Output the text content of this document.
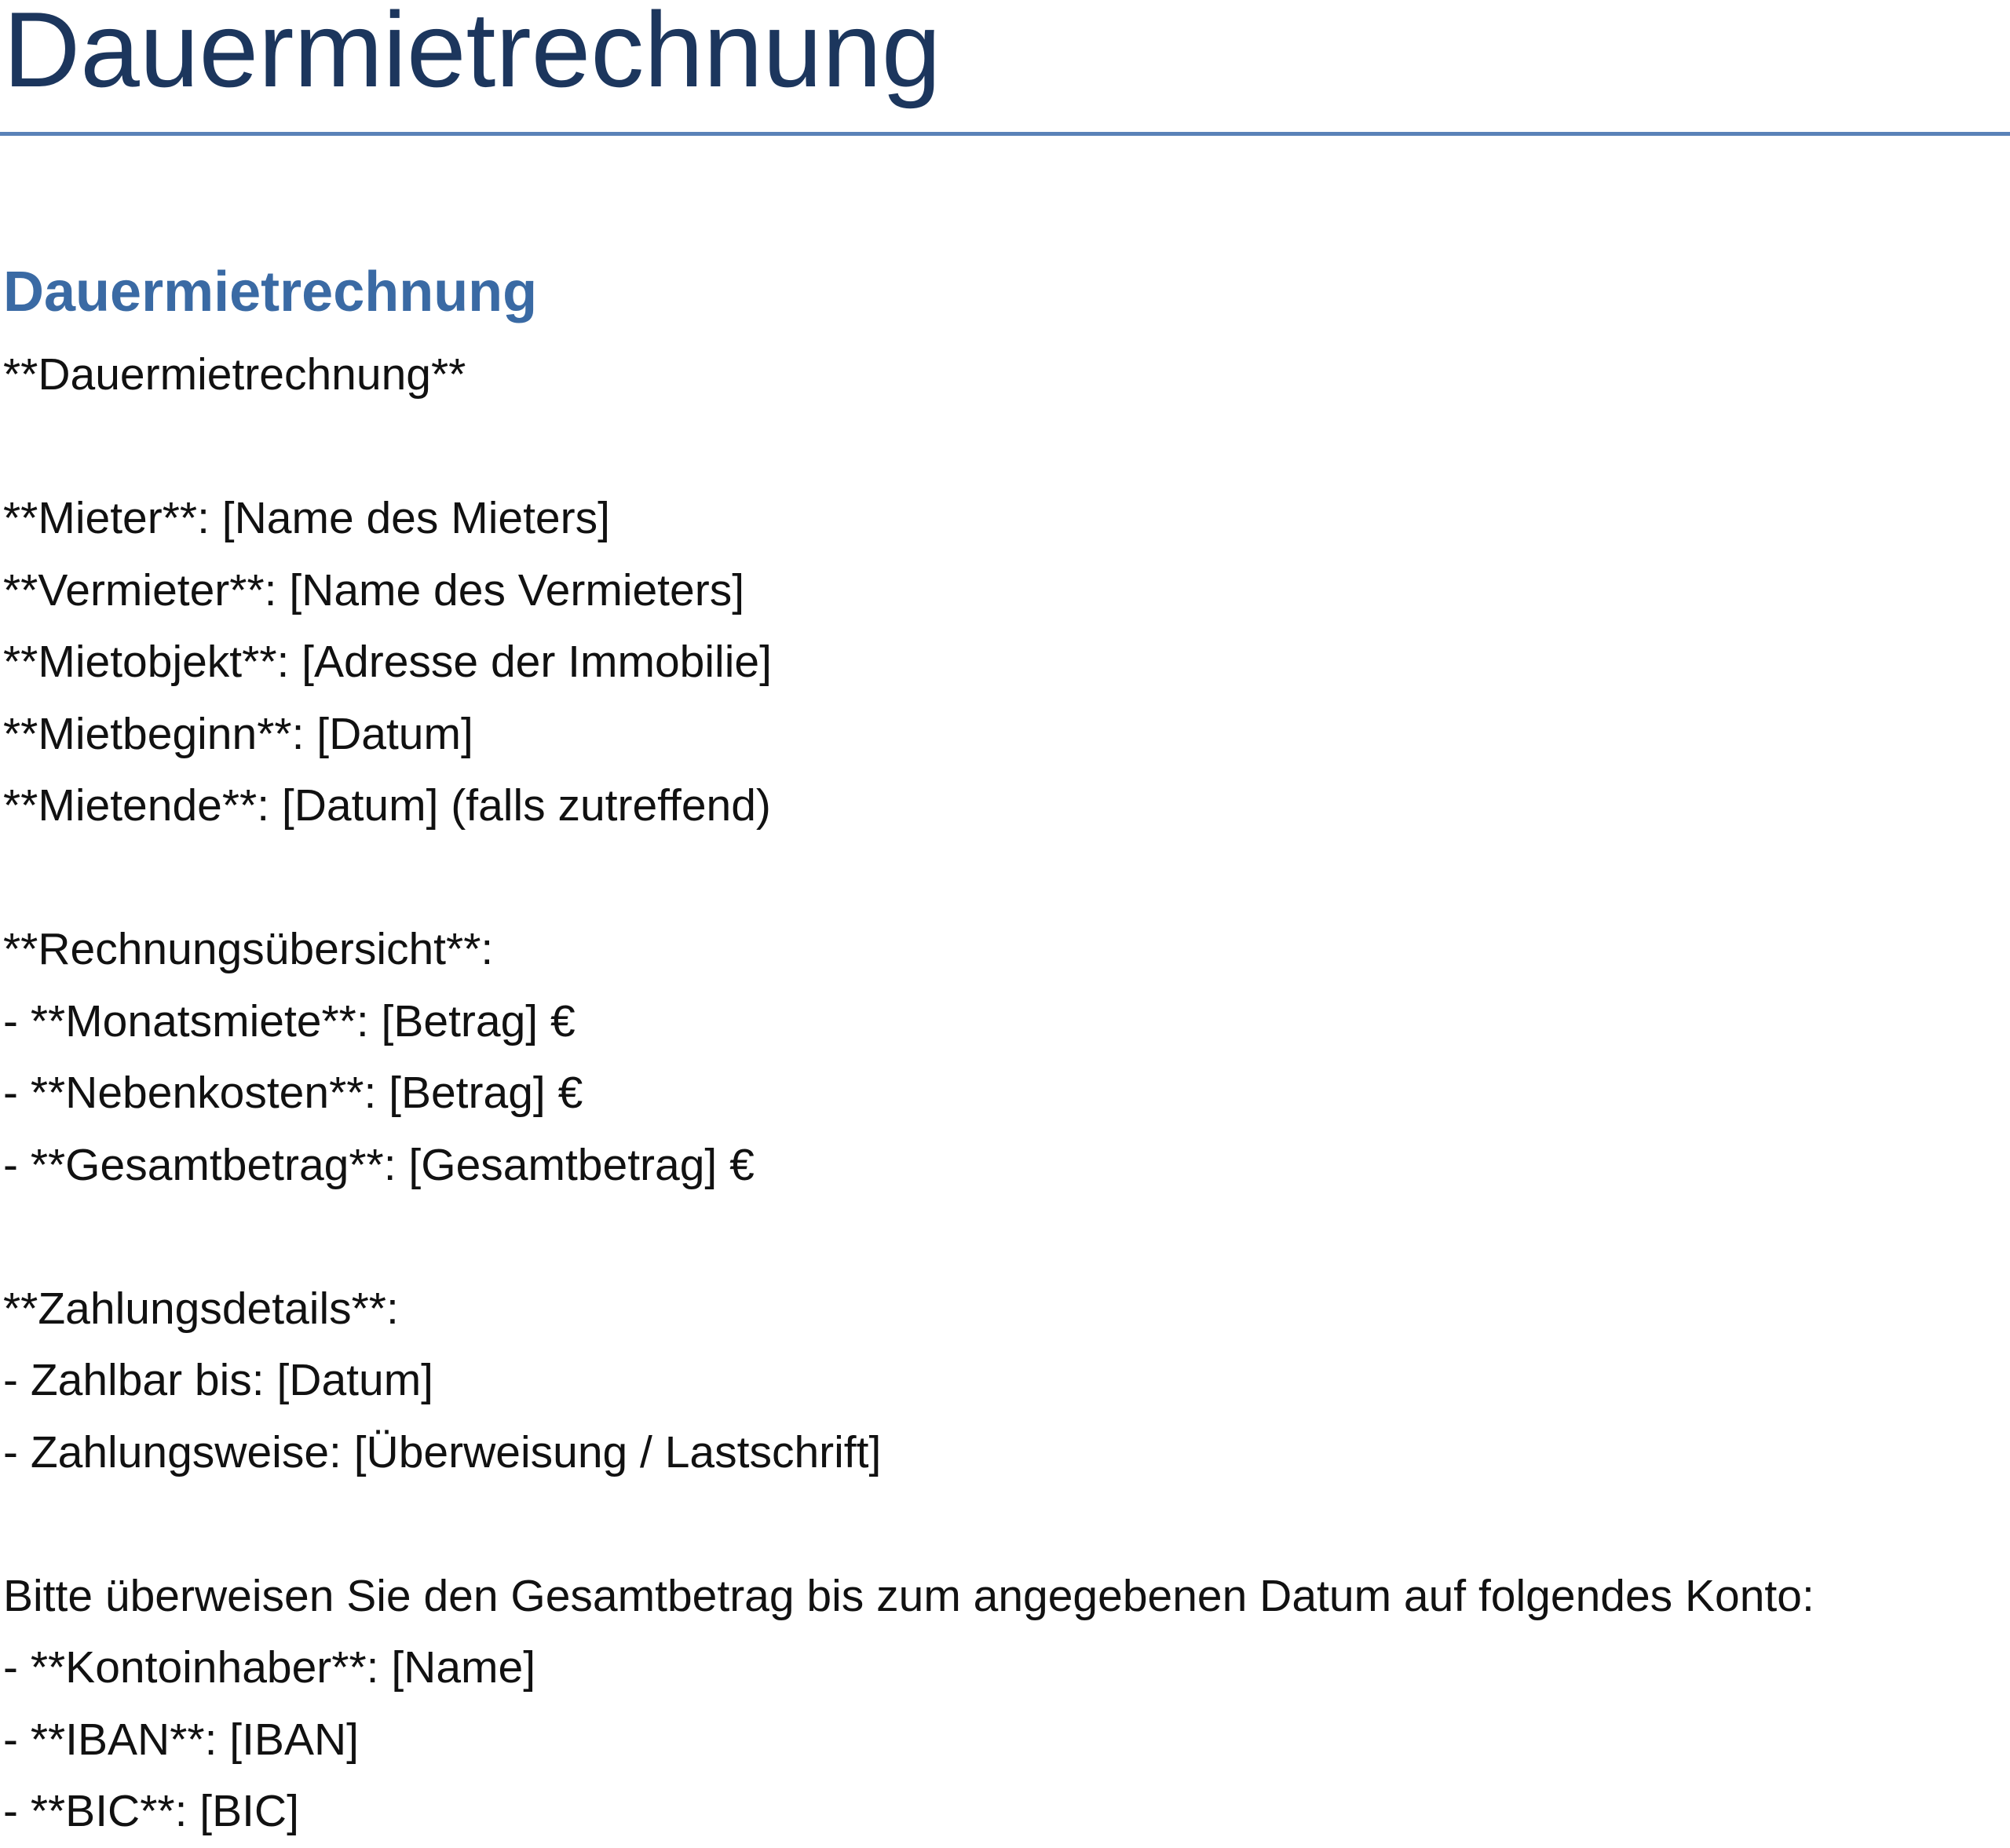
Dauermietrechnung
Dauermietrechnung
**Dauermietrechnung**
**Mieter**: [Name des Mieters]
**Vermieter**: [Name des Vermieters]
**Mietobjekt**: [Adresse der Immobilie]
**Mietbeginn**: [Datum]
**Mietende**: [Datum] (falls zutreffend)
**Rechnungsübersicht**:
- **Monatsmiete**: [Betrag] €
- **Nebenkosten**: [Betrag] €
- **Gesamtbetrag**: [Gesamtbetrag] €
**Zahlungsdetails**:
- Zahlbar bis: [Datum]
- Zahlungsweise: [Überweisung / Lastschrift]
Bitte überweisen Sie den Gesamtbetrag bis zum angegebenen Datum auf folgendes Konto:
- **Kontoinhaber**: [Name]
- **IBAN**: [IBAN]
- **BIC**: [BIC]
